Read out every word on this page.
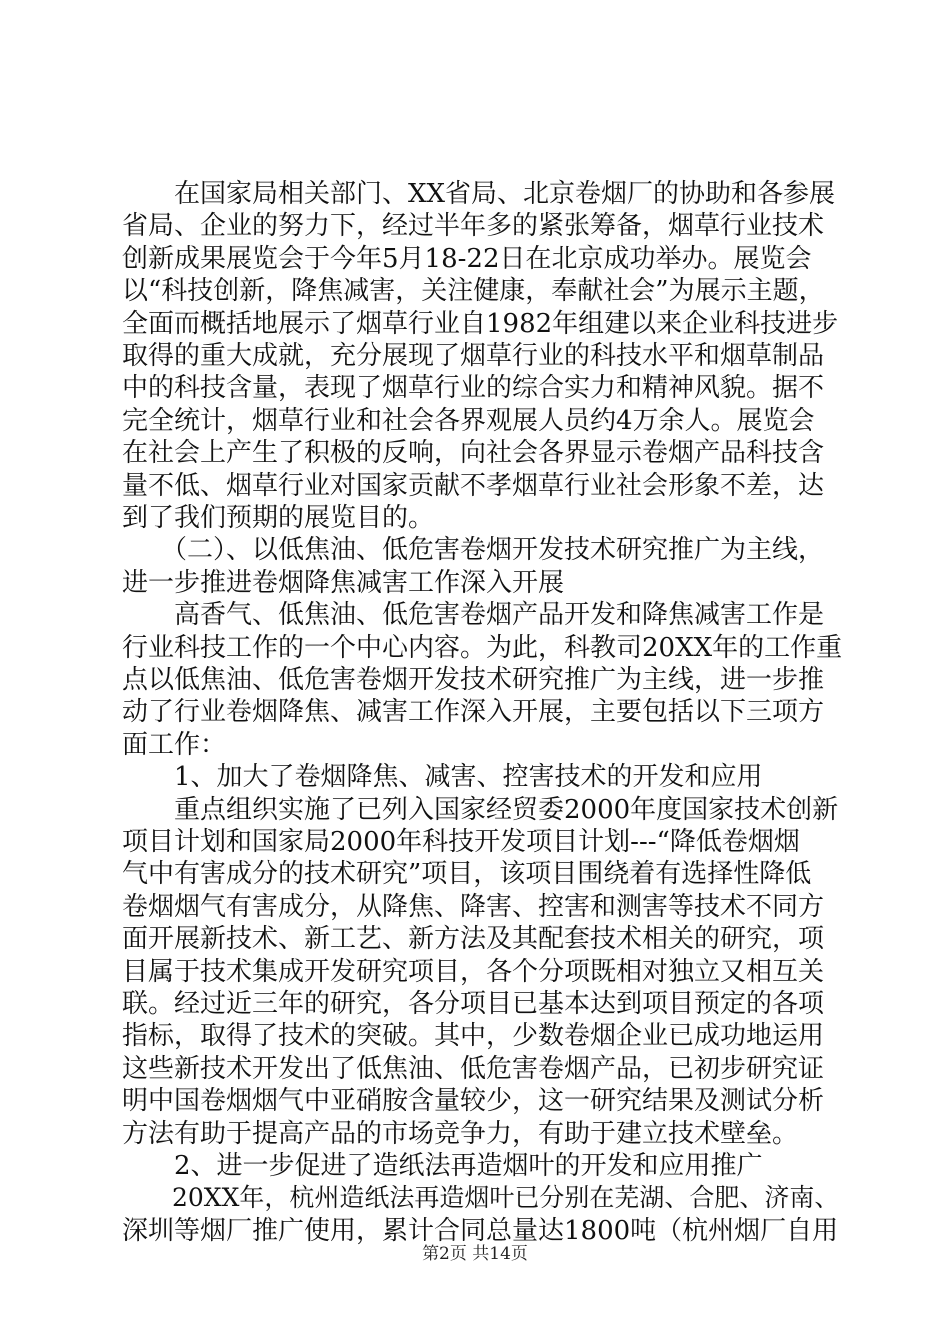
　　在国家局相关部门、XX省局、北京卷烟厂的协助和各参展
省局、企业的努力下，经过半年多的紧张筹备，烟草行业技术
创新成果展览会于今年5月18-22日在北京成功举办。展览会
以“科技创新，降焦减害，关注健康，奉献社会”为展示主题，
全面而概括地展示了烟草行业自1982年组建以来企业科技进步
取得的重大成就，充分展现了烟草行业的科技水平和烟草制品
中的科技含量，表现了烟草行业的综合实力和精神风貌。据不
完全统计，烟草行业和社会各界观展人员约4万余人。展览会
在社会上产生了积极的反响，向社会各界显示卷烟产品科技含
量不低、烟草行业对国家贡献不孝烟草行业社会形象不差，达
到了我们预期的展览目的。
　　（二）、以低焦油、低危害卷烟开发技术研究推广为主线，
进一步推进卷烟降焦减害工作深入开展
　　高香气、低焦油、低危害卷烟产品开发和降焦减害工作是
行业科技工作的一个中心内容。为此，科教司20XX年的工作重
点以低焦油、低危害卷烟开发技术研究推广为主线，进一步推
动了行业卷烟降焦、减害工作深入开展，主要包括以下三项方
面工作：
　　1、加大了卷烟降焦、减害、控害技术的开发和应用
　　重点组织实施了已列入国家经贸委2000年度国家技术创新
项目计划和国家局2000年科技开发项目计划---“降低卷烟烟
气中有害成分的技术研究”项目，该项目围绕着有选择性降低
卷烟烟气有害成分，从降焦、降害、控害和测害等技术不同方
面开展新技术、新工艺、新方法及其配套技术相关的研究，项
目属于技术集成开发研究项目，各个分项既相对独立又相互关
联。经过近三年的研究，各分项目已基本达到项目预定的各项
指标，取得了技术的突破。其中，少数卷烟企业已成功地运用
这些新技术开发出了低焦油、低危害卷烟产品，已初步研究证
明中国卷烟烟气中亚硝胺含量较少，这一研究结果及测试分析
方法有助于提高产品的市场竞争力，有助于建立技术壁垒。
　　2、进一步促进了造纸法再造烟叶的开发和应用推广
　　20XX年，杭州造纸法再造烟叶已分别在芜湖、合肥、济南、
深圳等烟厂推广使用，累计合同总量达1800吨（杭州烟厂自用
第2页 共14页
